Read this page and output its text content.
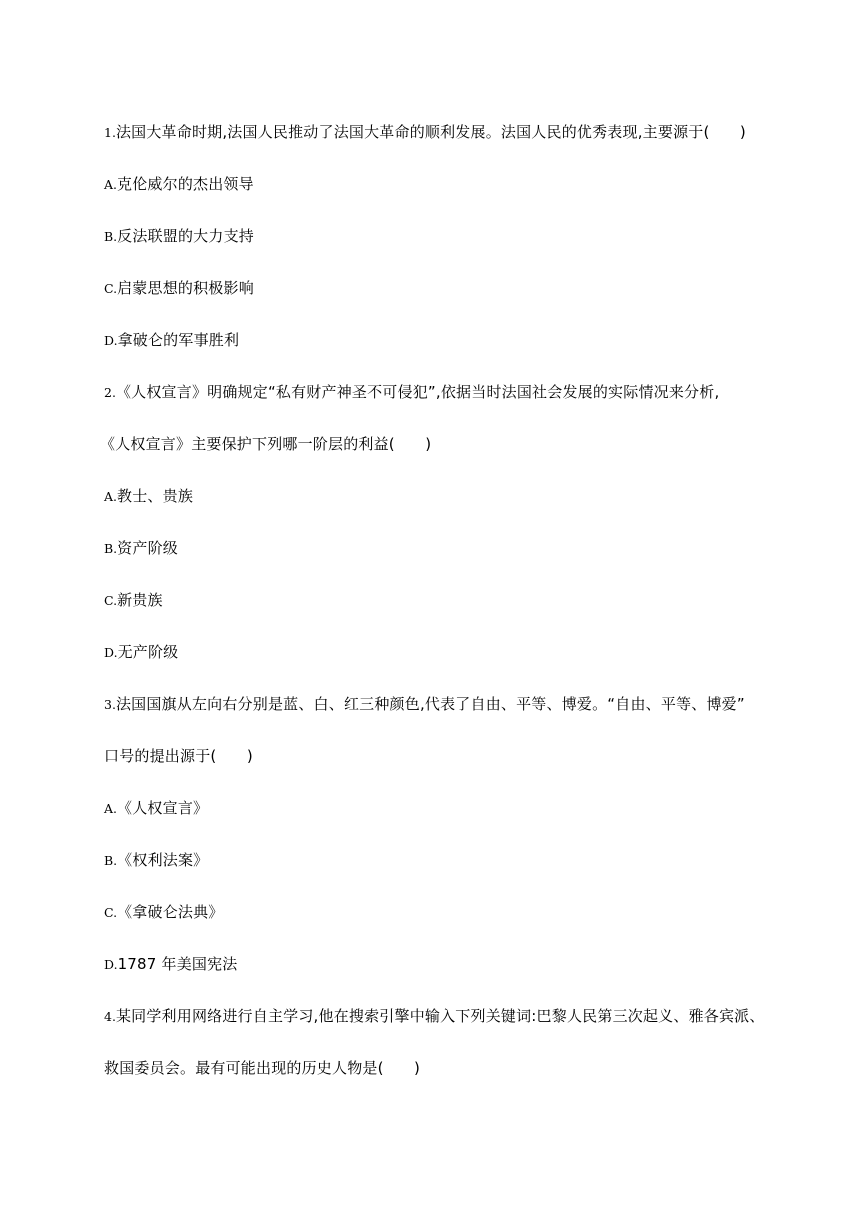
1.法国大革命时期,法国人民推动了法国大革命的顺利发展。法国人民的优秀表现,主要源于(　　)
A.克伦威尔的杰出领导
B.反法联盟的大力支持
C.启蒙思想的积极影响
D.拿破仑的军事胜利
2.《人权宣言》明确规定“私有财产神圣不可侵犯”,依据当时法国社会发展的实际情况来分析,
《人权宣言》主要保护下列哪一阶层的利益(　　)
A.教士、贵族
B.资产阶级
C.新贵族
D.无产阶级
3.法国国旗从左向右分别是蓝、白、红三种颜色,代表了自由、平等、博爱。“自由、平等、博爱”
口号的提出源于(　　)
A.《人权宣言》
B.《权利法案》
C.《拿破仑法典》
D.1787 年美国宪法
4.某同学利用网络进行自主学习,他在搜索引擎中输入下列关键词:巴黎人民第三次起义、雅各宾派、
救国委员会。最有可能出现的历史人物是(　　)
